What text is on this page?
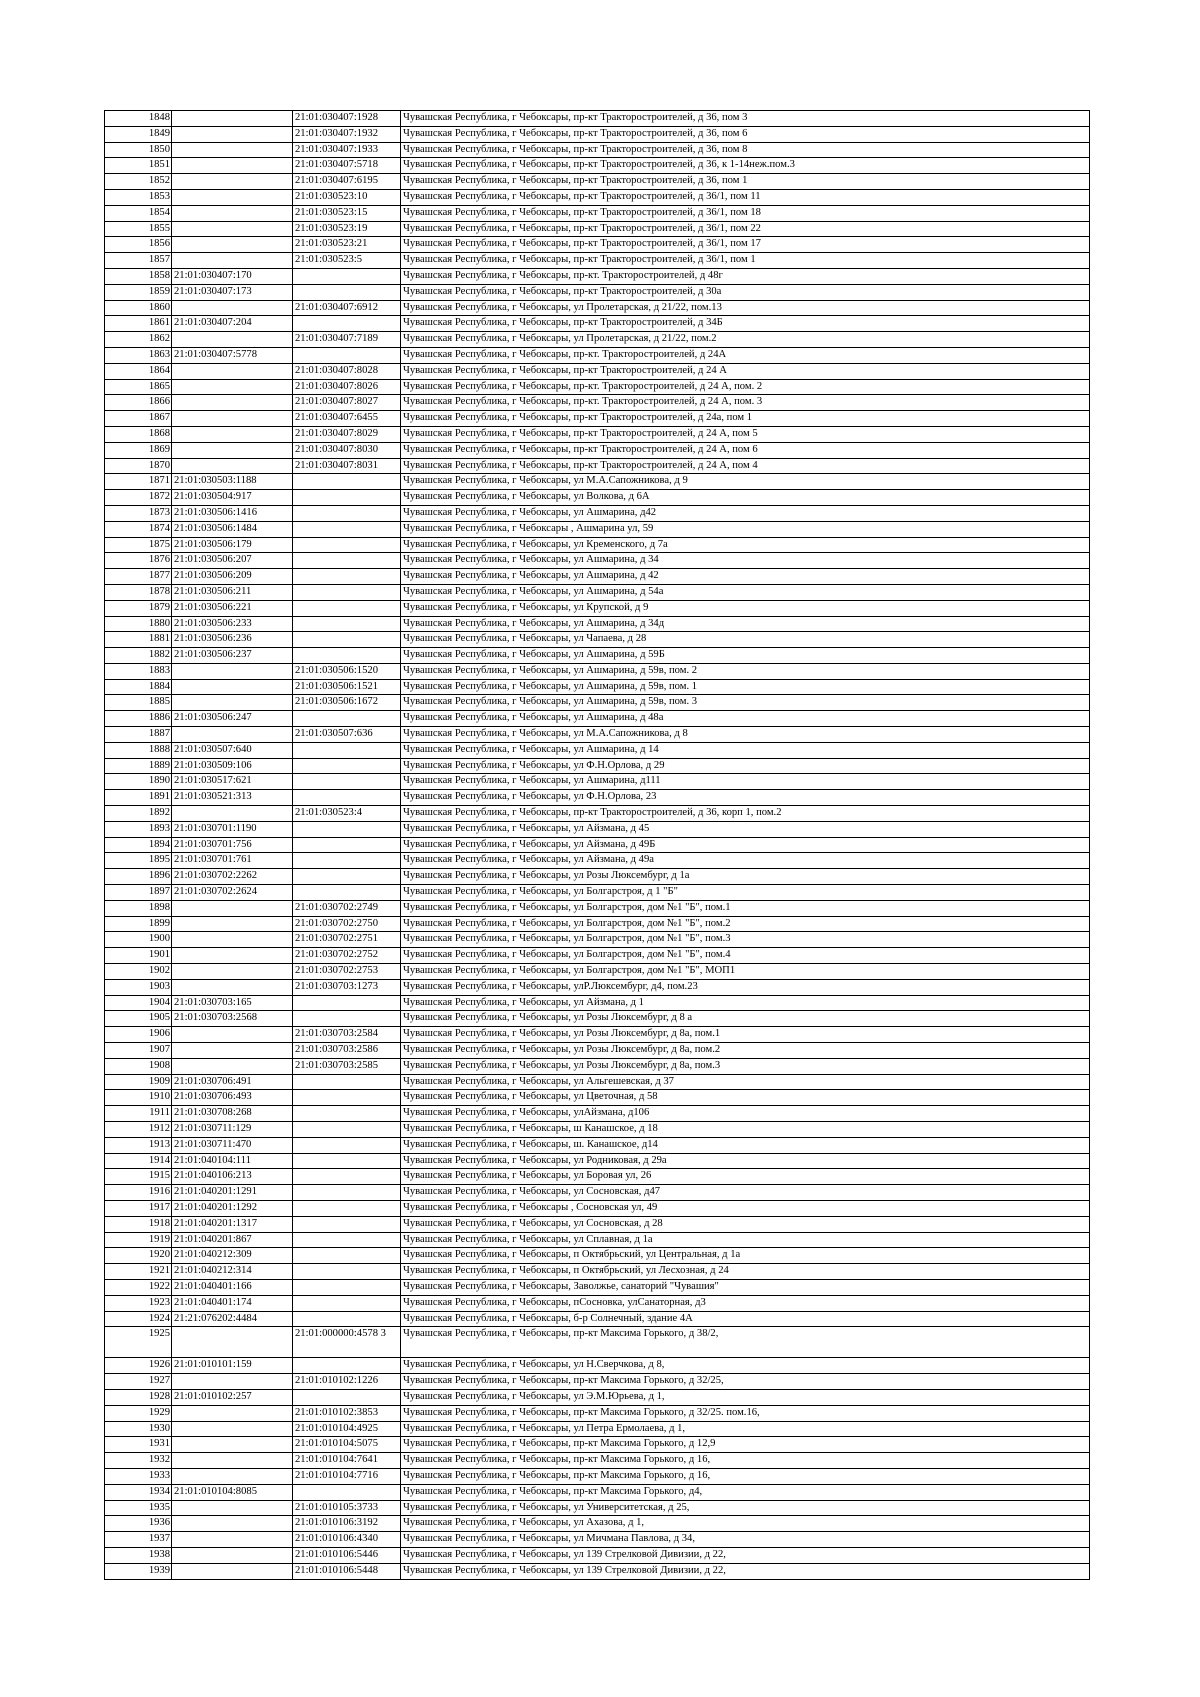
1848		21:01:030407:1928	Чувашская Республика, г Чебоксары, пр-кт Тракторостроителей, д 36, пом 3
1849		21:01:030407:1932	Чувашская Республика, г Чебоксары, пр-кт Тракторостроителей, д 36, пом 6
1850		21:01:030407:1933	Чувашская Республика, г Чебоксары, пр-кт Тракторостроителей, д 36, пом 8
1851		21:01:030407:5718	Чувашская Республика, г Чебоксары, пр-кт Тракторостроителей, д 36, к 1-14неж.пом.3
1852		21:01:030407:6195	Чувашская Республика, г Чебоксары, пр-кт Тракторостроителей, д 36, пом 1
1853		21:01:030523:10	Чувашская Республика, г Чебоксары, пр-кт Тракторостроителей, д 36/1, пом 11
1854		21:01:030523:15	Чувашская Республика, г Чебоксары, пр-кт Тракторостроителей, д 36/1, пом 18
1855		21:01:030523:19	Чувашская Республика, г Чебоксары, пр-кт Тракторостроителей, д 36/1, пом 22
1856		21:01:030523:21	Чувашская Республика, г Чебоксары, пр-кт Тракторостроителей, д 36/1, пом 17
1857		21:01:030523:5	Чувашская Республика, г Чебоксары, пр-кт Тракторостроителей, д 36/1, пом 1
1858	21:01:030407:170		Чувашская Республика, г Чебоксары, пр-кт. Тракторостроителей, д 48г
1859	21:01:030407:173		Чувашская Республика, г Чебоксары, пр-кт Тракторостроителей, д 30а
1860		21:01:030407:6912	Чувашская Республика, г Чебоксары, ул Пролетарская, д 21/22, пом.13
1861	21:01:030407:204		Чувашская Республика, г Чебоксары, пр-кт Тракторостроителей, д 34Б
1862		21:01:030407:7189	Чувашская Республика, г Чебоксары, ул Пролетарская, д 21/22, пом.2
1863	21:01:030407:5778		Чувашская Республика, г Чебоксары, пр-кт. Тракторостроителей, д 24А
1864		21:01:030407:8028	Чувашская Республика, г Чебоксары, пр-кт Тракторостроителей, д 24 А
1865		21:01:030407:8026	Чувашская Республика, г Чебоксары, пр-кт. Тракторостроителей, д 24 А, пом. 2
1866		21:01:030407:8027	Чувашская Республика, г Чебоксары, пр-кт. Тракторостроителей, д 24 А, пом. 3
1867		21:01:030407:6455	Чувашская Республика, г Чебоксары, пр-кт Тракторостроителей, д 24а, пом 1
1868		21:01:030407:8029	Чувашская Республика, г Чебоксары, пр-кт Тракторостроителей, д 24 А, пом 5
1869		21:01:030407:8030	Чувашская Республика, г Чебоксары, пр-кт Тракторостроителей, д 24 А, пом 6
1870		21:01:030407:8031	Чувашская Республика, г Чебоксары, пр-кт Тракторостроителей, д 24 А, пом 4
1871	21:01:030503:1188		Чувашская Республика, г Чебоксары, ул М.А.Сапожникова, д 9
1872	21:01:030504:917		Чувашская Республика, г Чебоксары, ул Волкова, д 6А
1873	21:01:030506:1416		Чувашская Республика, г Чебоксары, ул Ашмарина, д42
1874	21:01:030506:1484		Чувашская Республика, г Чебоксары , Ашмарина ул, 59
1875	21:01:030506:179		Чувашская Республика, г Чебоксары, ул Кременского, д 7а
1876	21:01:030506:207		Чувашская Республика, г Чебоксары, ул Ашмарина, д 34
1877	21:01:030506:209		Чувашская Республика, г Чебоксары, ул Ашмарина, д 42
1878	21:01:030506:211		Чувашская Республика, г Чебоксары, ул Ашмарина, д 54а
1879	21:01:030506:221		Чувашская Республика, г Чебоксары, ул Крупской, д 9
1880	21:01:030506:233		Чувашская Республика, г Чебоксары, ул Ашмарина, д 34д
1881	21:01:030506:236		Чувашская Республика, г Чебоксары, ул Чапаева, д 28
1882	21:01:030506:237		Чувашская Республика, г Чебоксары, ул Ашмарина, д 59Б
1883		21:01:030506:1520	Чувашская Республика, г Чебоксары, ул Ашмарина, д 59в, пом. 2
1884		21:01:030506:1521	Чувашская Республика, г Чебоксары, ул Ашмарина, д 59в, пом. 1
1885		21:01:030506:1672	Чувашская Республика, г Чебоксары, ул Ашмарина, д 59в, пом. 3
1886	21:01:030506:247		Чувашская Республика, г Чебоксары, ул Ашмарина, д 48а
1887		21:01:030507:636	Чувашская Республика, г Чебоксары, ул М.А.Сапожникова, д 8
1888	21:01:030507:640		Чувашская Республика, г Чебоксары, ул Ашмарина, д 14
1889	21:01:030509:106		Чувашская Республика, г Чебоксары, ул Ф.Н.Орлова, д 29
1890	21:01:030517:621		Чувашская Республика, г Чебоксары, ул Ашмарина, д111
1891	21:01:030521:313		Чувашская Республика, г Чебоксары, ул Ф.Н.Орлова, 23
1892		21:01:030523:4	Чувашская Республика, г Чебоксары, пр-кт Тракторостроителей, д 36, корп 1, пом.2
1893	21:01:030701:1190		Чувашская Республика, г Чебоксары, ул Айзмана, д 45
1894	21:01:030701:756		Чувашская Республика, г Чебоксары, ул Айзмана, д 49Б
1895	21:01:030701:761		Чувашская Республика, г Чебоксары, ул Айзмана, д 49а
1896	21:01:030702:2262		Чувашская Республика, г Чебоксары, ул Розы Люксембург, д 1а
1897	21:01:030702:2624		Чувашская Республика, г Чебоксары, ул Болгарстроя, д 1 "Б"
1898		21:01:030702:2749	Чувашская Республика, г Чебоксары, ул Болгарстроя, дом №1 "Б", пом.1
1899		21:01:030702:2750	Чувашская Республика, г Чебоксары, ул Болгарстроя, дом №1 "Б", пом.2
1900		21:01:030702:2751	Чувашская Республика, г Чебоксары, ул Болгарстроя, дом №1 "Б", пом.3
1901		21:01:030702:2752	Чувашская Республика, г Чебоксары, ул Болгарстроя, дом №1 "Б", пом.4
1902		21:01:030702:2753	Чувашская Республика, г Чебоксары, ул Болгарстроя, дом №1 "Б", МОП1
1903		21:01:030703:1273	Чувашская Республика, г Чебоксары, улР.Люксембург, д4, пом.23
1904	21:01:030703:165		Чувашская Республика, г Чебоксары, ул Айзмана, д 1
1905	21:01:030703:2568		Чувашская Республика, г Чебоксары, ул Розы Люксембург, д 8 а
1906		21:01:030703:2584	Чувашская Республика, г Чебоксары, ул Розы Люксембург, д 8а, пом.1
1907		21:01:030703:2586	Чувашская Республика, г Чебоксары, ул Розы Люксембург, д 8а, пом.2
1908		21:01:030703:2585	Чувашская Республика, г Чебоксары, ул Розы Люксембург, д 8а, пом.3
1909	21:01:030706:491		Чувашская Республика, г Чебоксары, ул Альгешевская, д 37
1910	21:01:030706:493		Чувашская Республика, г Чебоксары, ул Цветочная, д 58
1911	21:01:030708:268		Чувашская Республика, г Чебоксары, улАйзмана, д106
1912	21:01:030711:129		Чувашская Республика, г Чебоксары, ш Канашское, д 18
1913	21:01:030711:470		Чувашская Республика, г Чебоксары, ш. Канашское, д14
1914	21:01:040104:111		Чувашская Республика, г Чебоксары, ул Родниковая, д 29а
1915	21:01:040106:213		Чувашская Республика, г Чебоксары, ул Боровая ул, 26
1916	21:01:040201:1291		Чувашская Республика, г Чебоксары, ул Сосновская, д47
1917	21:01:040201:1292		Чувашская Республика, г Чебоксары , Сосновская ул, 49
1918	21:01:040201:1317		Чувашская Республика, г Чебоксары, ул Сосновская, д 28
1919	21:01:040201:867		Чувашская Республика, г Чебоксары, ул Сплавная, д 1а
1920	21:01:040212:309		Чувашская Республика, г Чебоксары, п Октябрьский, ул Центральная, д 1а
1921	21:01:040212:314		Чувашская Республика, г Чебоксары, п Октябрьский, ул Лесхозная, д 24
1922	21:01:040401:166		Чувашская Республика, г Чебоксары, Заволжье, санаторий "Чувашия"
1923	21:01:040401:174		Чувашская Республика, г Чебоксары, пСосновка, улСанаторная, д3
1924	21:21:076202:4484		Чувашская Республика, г Чебоксары, б-р Солнечный, здание 4А
1925		21:01:000000:4578 3	Чувашская Республика, г Чебоксары, пр-кт Максима Горького, д 38/2,
1926	21:01:010101:159		Чувашская Республика, г Чебоксары, ул Н.Сверчкова, д 8,
1927		21:01:010102:1226	Чувашская Республика, г Чебоксары, пр-кт Максима Горького, д 32/25,
1928	21:01:010102:257		Чувашская Республика, г Чебоксары, ул Э.М.Юрьева, д 1,
1929		21:01:010102:3853	Чувашская Республика, г Чебоксары, пр-кт Максима Горького, д 32/25. пом.16,
1930		21:01:010104:4925	Чувашская Республика, г Чебоксары, ул Петра Ермолаева, д 1,
1931		21:01:010104:5075	Чувашская Республика, г Чебоксары, пр-кт Максима Горького, д 12,9
1932		21:01:010104:7641	Чувашская Республика, г Чебоксары, пр-кт Максима Горького, д 16,
1933		21:01:010104:7716	Чувашская Республика, г Чебоксары, пр-кт Максима Горького, д 16,
1934	21:01:010104:8085		Чувашская Республика, г Чебоксары, пр-кт Максима Горького, д4,
1935		21:01:010105:3733	Чувашская Республика, г Чебоксары, ул Университетская, д 25,
1936		21:01:010106:3192	Чувашская Республика, г Чебоксары, ул Ахазова, д 1,
1937		21:01:010106:4340	Чувашская Республика, г Чебоксары, ул Мичмана Павлова, д 34,
1938		21:01:010106:5446	Чувашская Республика, г Чебоксары, ул 139 Стрелковой Дивизии, д 22,
1939		21:01:010106:5448	Чувашская Республика, г Чебоксары, ул 139 Стрелковой Дивизии, д 22,
